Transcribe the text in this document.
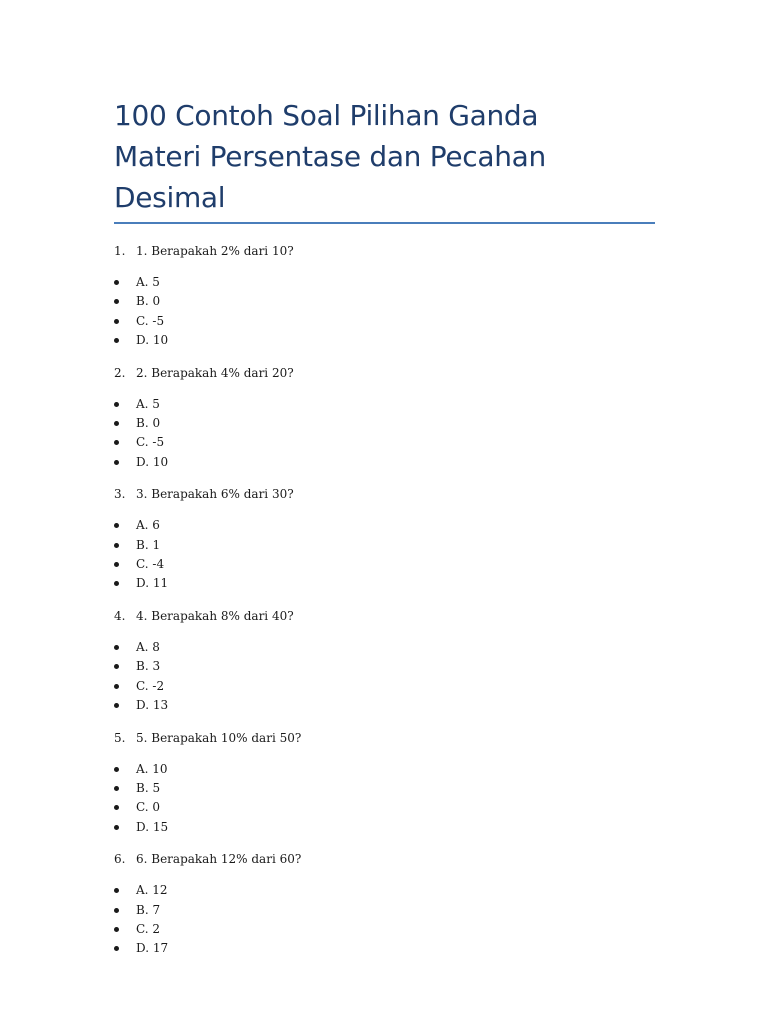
100 Contoh Soal Pilihan Ganda
Materi Persentase dan Pecahan Desimal
1. 1. Berapakah 2% dari 10?
A. 5
B. 0
C. -5
D. 10
2. 2. Berapakah 4% dari 20?
A. 5
B. 0
C. -5
D. 10
3. 3. Berapakah 6% dari 30?
A. 6
B. 1
C. -4
D. 11
4. 4. Berapakah 8% dari 40?
A. 8
B. 3
C. -2
D. 13
5. 5. Berapakah 10% dari 50?
A. 10
B. 5
C. 0
D. 15
6. 6. Berapakah 12% dari 60?
A. 12
B. 7
C. 2
D. 17
